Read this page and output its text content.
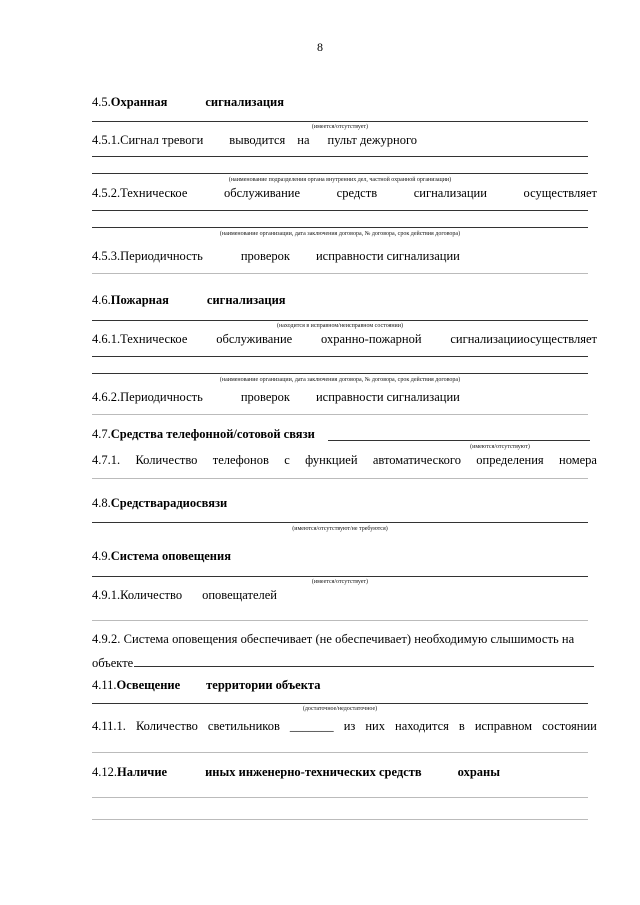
8
4.5.Охранная	сигнализация
(имеется/отсутствует)
4.5.1.Сигнал тревоги выводится на пульт дежурного
(наименование подразделения органа внутренних дел, частной охранной организации)
4.5.2.Техническое	обслуживание	средств	сигнализации	осуществляет
(наименование организации, дата заключения договора, № договора, срок действия договора)
4.5.3.Периодичность	проверок исправности сигнализации
4.6.Пожарная	сигнализация
(находится в исправном/неисправном состоянии)
4.6.1.Техническое обслуживание охранно-пожарной сигнализацииосуществляет
(наименование организации, дата заключения договора, № договора, срок действия договора)
4.6.2.Периодичность	проверок исправности сигнализации
4.7.Средства телефонной/сотовой связи
(имеются/отсутствуют)
4.7.1. Количество телефонов с функцией автоматического определения номера
4.8.Средстварадиосвязи
(имеются/отсутствуют/не требуются)
4.9.Система оповещения
(имеется/отсутствует)
4.9.1.Количество оповещателей
4.9.2. Система оповещения обеспечивает (не обеспечивает) необходимую слышимость на
объекте
4.11.Освещение территории объекта
(достаточное/недостаточное)
4.11.1. Количество светильников _______ из них находится в исправном состоянии
4.12.Наличие	иных инженерно-технических средств	охраны
